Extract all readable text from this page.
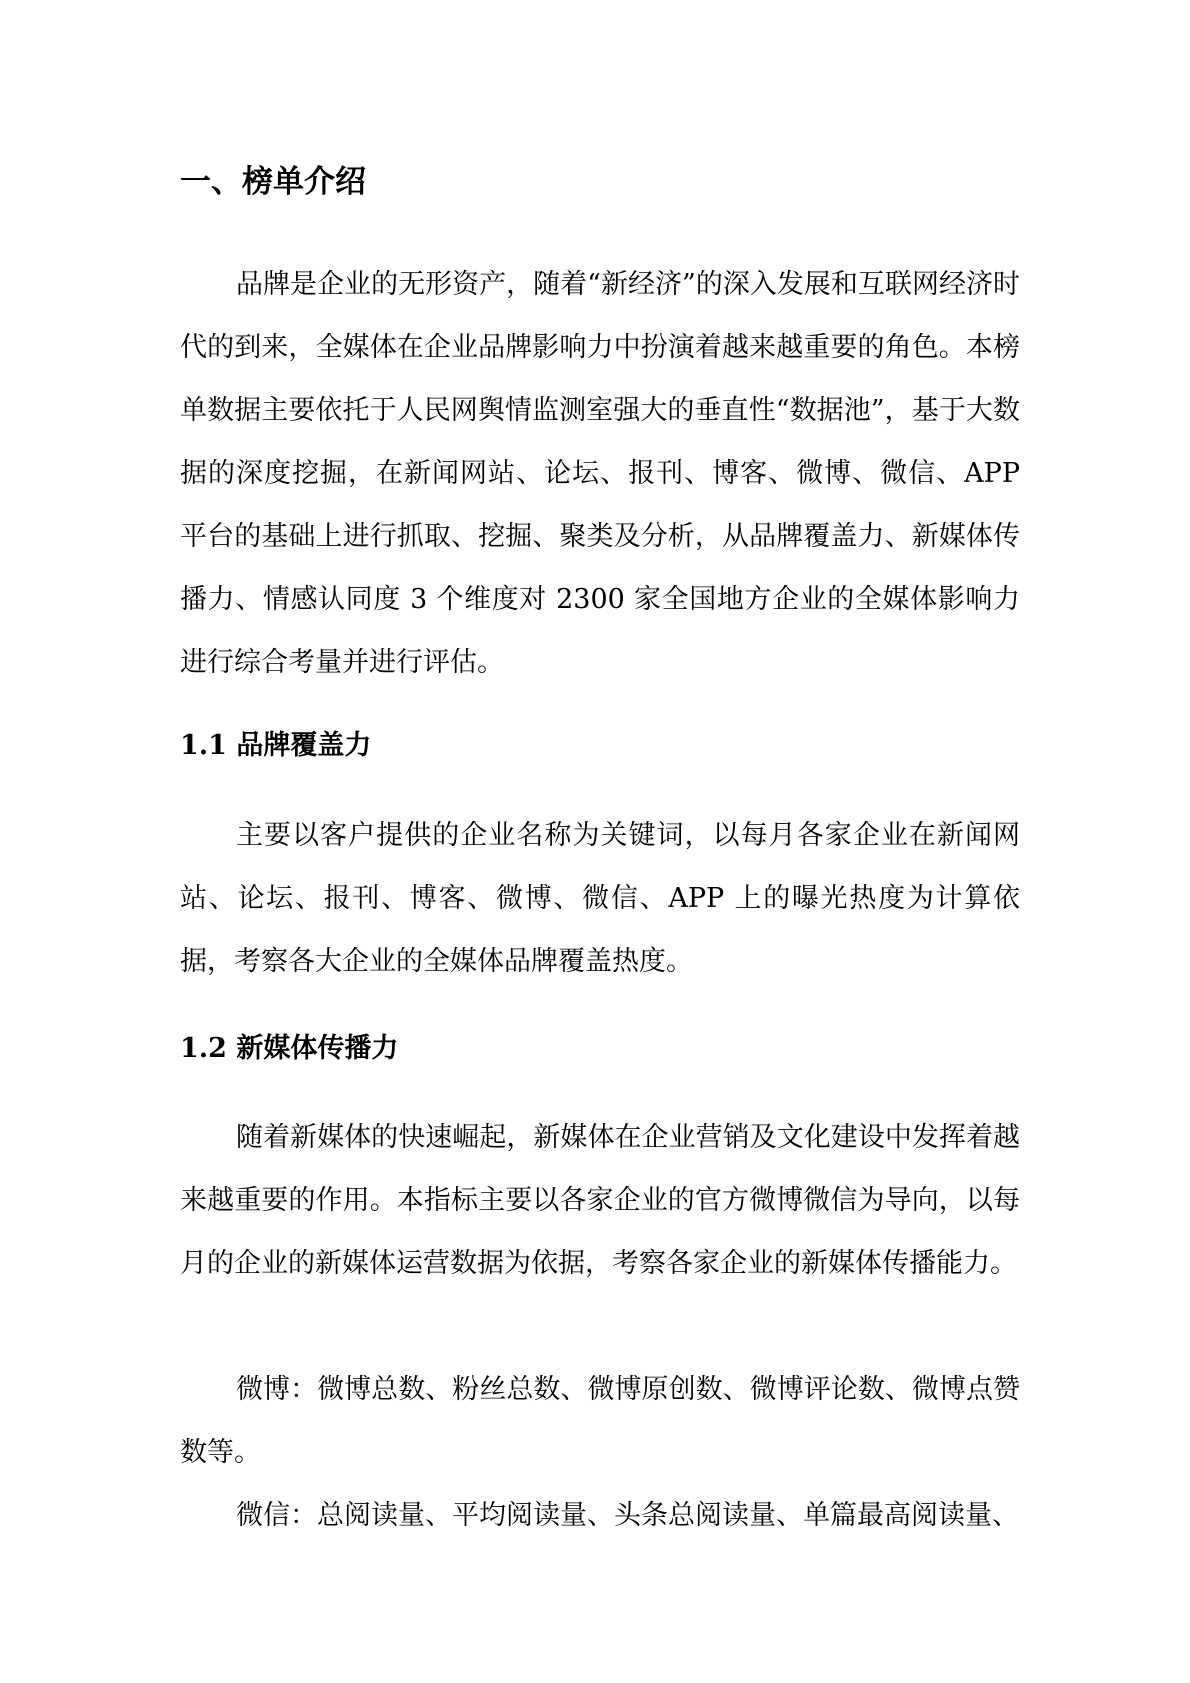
一、榜单介绍

品牌是企业的无形资产，随着“新经济”的深入发展和互联网经济时代的到来，全媒体在企业品牌影响力中扮演着越来越重要的角色。本榜单数据主要依托于人民网舆情监测室强大的垂直性“数据池”，基于大数据的深度挖掘，在新闻网站、论坛、报刊、博客、微博、微信、APP 平台的基础上进行抓取、挖掘、聚类及分析，从品牌覆盖力、新媒体传播力、情感认同度 3 个维度对 2300 家全国地方企业的全媒体影响力进行综合考量并进行评估。

1.1 品牌覆盖力

主要以客户提供的企业名称为关键词，以每月各家企业在新闻网站、论坛、报刊、博客、微博、微信、APP 上的曝光热度为计算依据，考察各大企业的全媒体品牌覆盖热度。

1.2 新媒体传播力

随着新媒体的快速崛起，新媒体在企业营销及文化建设中发挥着越来越重要的作用。本指标主要以各家企业的官方微博微信为导向，以每月的企业的新媒体运营数据为依据，考察各家企业的新媒体传播能力。

微博：微博总数、粉丝总数、微博原创数、微博评论数、微博点赞数等。

微信：总阅读量、平均阅读量、头条总阅读量、单篇最高阅读量、
